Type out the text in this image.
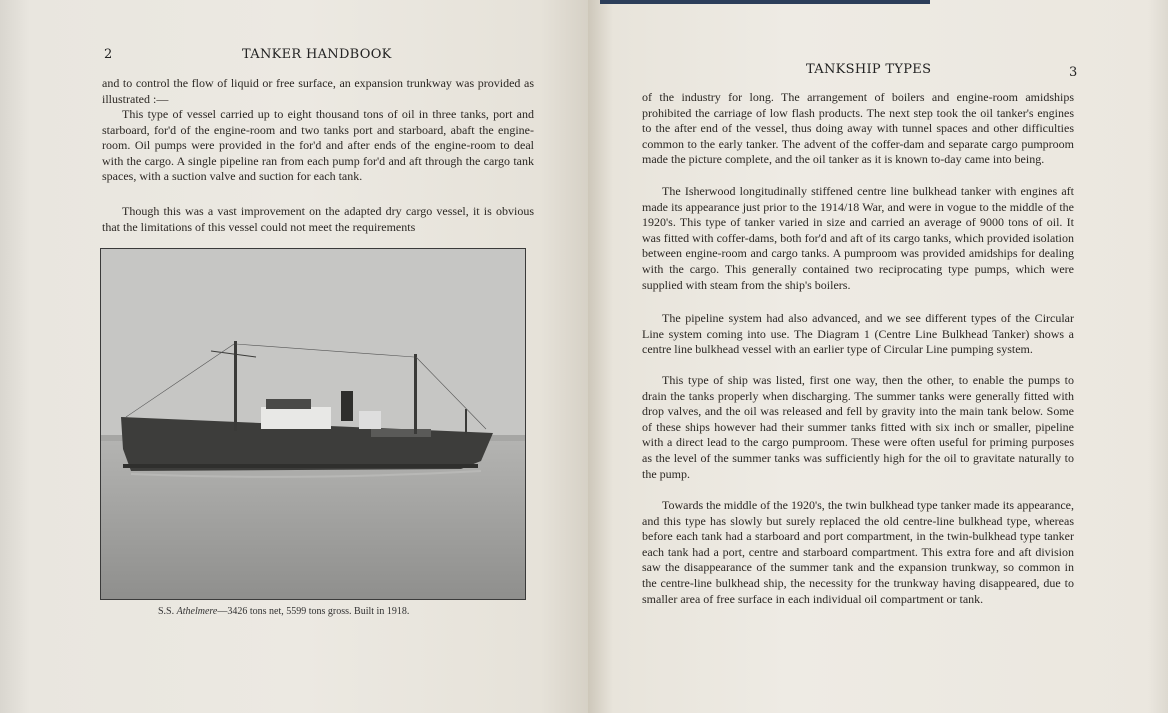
2	TANKER HANDBOOK

and to control the flow of liquid or free surface, an expansion trunkway was provided as illustrated :—

This type of vessel carried up to eight thousand tons of oil in three tanks, port and starboard, for'd of the engine-room and two tanks port and starboard, abaft the engine-room. Oil pumps were provided in the for'd and after ends of the engine-room to deal with the cargo. A single pipeline ran from each pump for'd and aft through the cargo tank spaces, with a suction valve and suction for each tank.

Though this was a vast improvement on the adapted dry cargo vessel, it is obvious that the limitations of this vessel could not meet the requirements

S.S. Athelmere—3426 tons net, 5599 tons gross. Built in 1918.
TANKSHIP TYPES	3

of the industry for long. The arrangement of boilers and engine-room amidships prohibited the carriage of low flash products. The next step took the oil tanker's engines to the after end of the vessel, thus doing away with tunnel spaces and other difficulties common to the early tanker. The advent of the coffer-dam and separate cargo pumproom made the picture complete, and the oil tanker as it is known to-day came into being.

The Isherwood longitudinally stiffened centre line bulkhead tanker with engines aft made its appearance just prior to the 1914/18 War, and were in vogue to the middle of the 1920's. This type of tanker varied in size and carried an average of 9000 tons of oil. It was fitted with coffer-dams, both for'd and aft of its cargo tanks, which provided isolation between engine-room and cargo tanks. A pumproom was provided amidships for dealing with the cargo. This generally contained two reciprocating type pumps, which were supplied with steam from the ship's boilers.

The pipeline system had also advanced, and we see different types of the Circular Line system coming into use. The Diagram 1 (Centre Line Bulkhead Tanker) shows a centre line bulkhead vessel with an earlier type of Circular Line pumping system.

This type of ship was listed, first one way, then the other, to enable the pumps to drain the tanks properly when discharging. The summer tanks were generally fitted with drop valves, and the oil was released and fell by gravity into the main tank below. Some of these ships however had their summer tanks fitted with six inch or smaller, pipeline with a direct lead to the cargo pumproom. These were often useful for priming purposes as the level of the summer tanks was sufficiently high for the oil to gravitate naturally to the pump.

Towards the middle of the 1920's, the twin bulkhead type tanker made its appearance, and this type has slowly but surely replaced the old centre-line bulkhead type, whereas before each tank had a starboard and port compartment, in the twin-bulkhead type tanker each tank had a port, centre and starboard compartment. This extra fore and aft division saw the disappearance of the summer tank and the expansion trunkway, so common in the centre-line bulkhead ship, the necessity for the trunkway having disappeared, due to smaller area of free surface in each individual oil compartment or tank.
